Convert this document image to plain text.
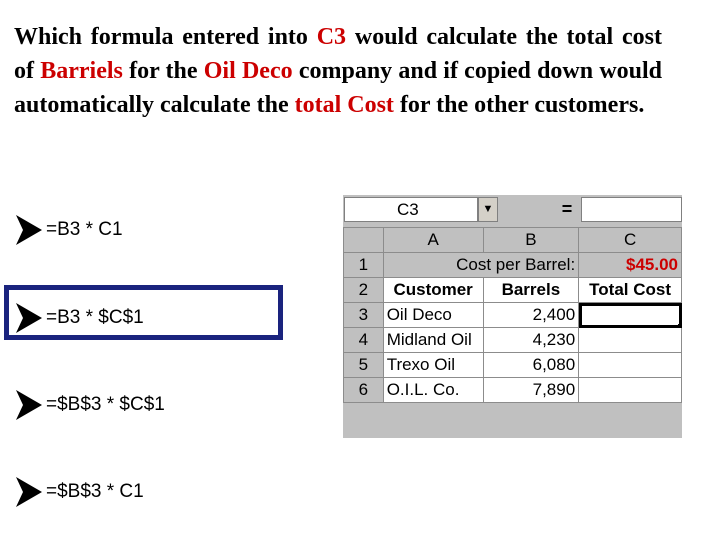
Which formula entered into C3 would calculate the total cost of Barriels for the Oil Deco company and if copied down would automatically calculate the total Cost for the other customers.
=B3 * C1
=B3 * $C$1
=$B$3 * $C$1
=$B$3 * C1
C3	▼	=
	A	B	C
1	Cost per Barrel:		$45.00
2	Customer	Barrels	Total Cost
3	Oil Deco	2,400	

4	Midland Oil	4,230	
5	Trexo Oil	6,080	
6	O.I.L. Co.	7,890	
